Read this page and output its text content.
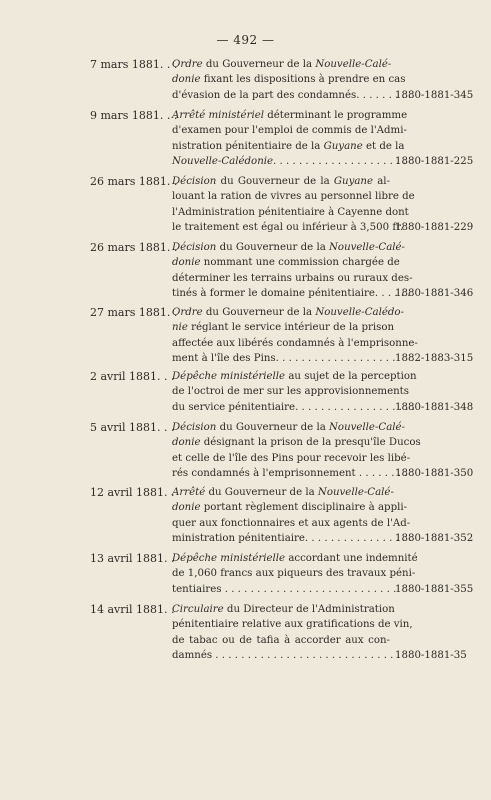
— 492 —
7 mars 1881. . .
Ordre du Gouverneur de la Nouvelle-Calé-
donie fixant les dispositions à prendre en cas
d'évasion de la part des condamnés. . . . . . . . .
1880-1881-345
9 mars 1881. . .
Arrêté ministériel déterminant le programme
d'examen pour l'emploi de commis de l'Admi-
nistration pénitentiaire de la Guyane et de la
Nouvelle-Calédonie. . . . . . . . . . . . . . . . . . . . .
1880-1881-225
26 mars 1881. .
Décision du Gouverneur de la Guyane al-
louant la ration de vivres au personnel libre de
l'Administration pénitentiaire à Cayenne dont
le traitement est égal ou inférieur à 3,500 fr.
1880-1881-229
26 mars 1881. .
Décision du Gouverneur de la Nouvelle-Calé-
donie nommant une commission chargée de
déterminer les terrains urbains ou ruraux des-
tinés à former le domaine pénitentiaire. . . . . .
1880-1881-346
27 mars 1881. .
Ordre du Gouverneur de la Nouvelle-Calédo-
nie réglant le service intérieur de la prison
affectée aux libérés condamnés à l'emprisonne-
ment à l'île des Pins. . . . . . . . . . . . . . . . . . . 1882-1883-315
2 avril 1881. . .
Dépêche ministérielle au sujet de la perception
de l'octroi de mer sur les approvisionnements
du service pénitentiaire. . . . . . . . . . . . . . . . . . .
1880-1881-348
5 avril 1881. . .
Décision du Gouverneur de la Nouvelle-Calé-
donie désignant la prison de la presqu'île Ducos
et celle de l'île des Pins pour recevoir les libé-
rés condamnés à l'emprisonnement . . . . . . . .
1880-1881-350
12 avril 1881. .
Arrêté du Gouverneur de la Nouvelle-Calé-
donie portant règlement disciplinaire à appli-
quer aux fonctionnaires et aux agents de l'Ad-
ministration pénitentiaire. . . . . . . . . . . . . . . . .
1880-1881-352
13 avril 1881. .
Dépêche ministérielle accordant une indemnité
de 1,060 francs aux piqueurs des travaux péni-
tentiaires . . . . . . . . . . . . . . . . . . . . . . . . . . .
1880-1881-355
14 avril 1881. .
Circulaire du Directeur de l'Administration
pénitentiaire relative aux gratifications de vin,
de tabac ou de tafia à accorder aux con-
damnés . . . . . . . . . . . . . . . . . . . . . . . . . . . . .
1880-1881-35
